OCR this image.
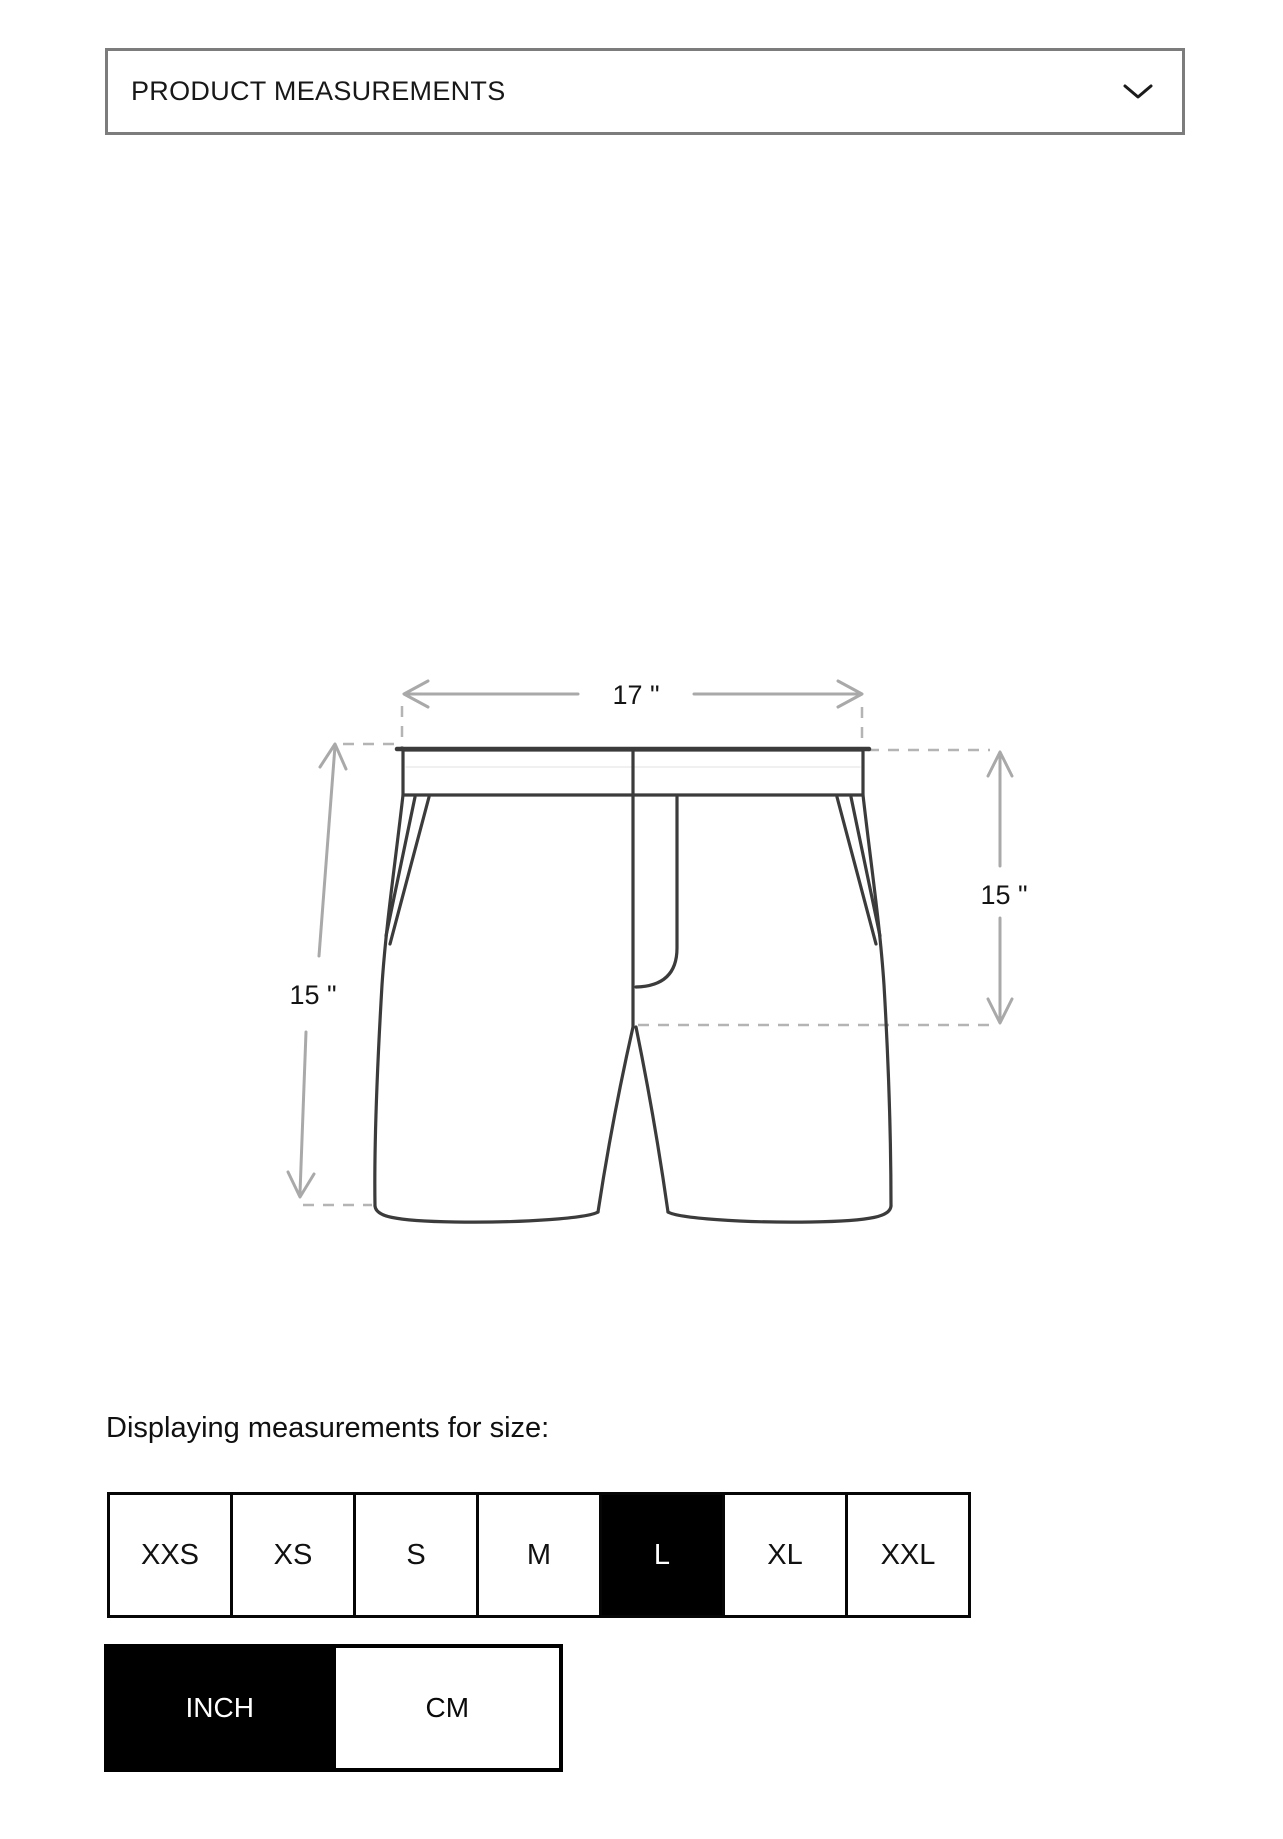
PRODUCT MEASUREMENTS
17 "
15 "
15 "
Displaying measurements for size:
XXS	XS	S	M	L	XL	XXL
INCH	CM
